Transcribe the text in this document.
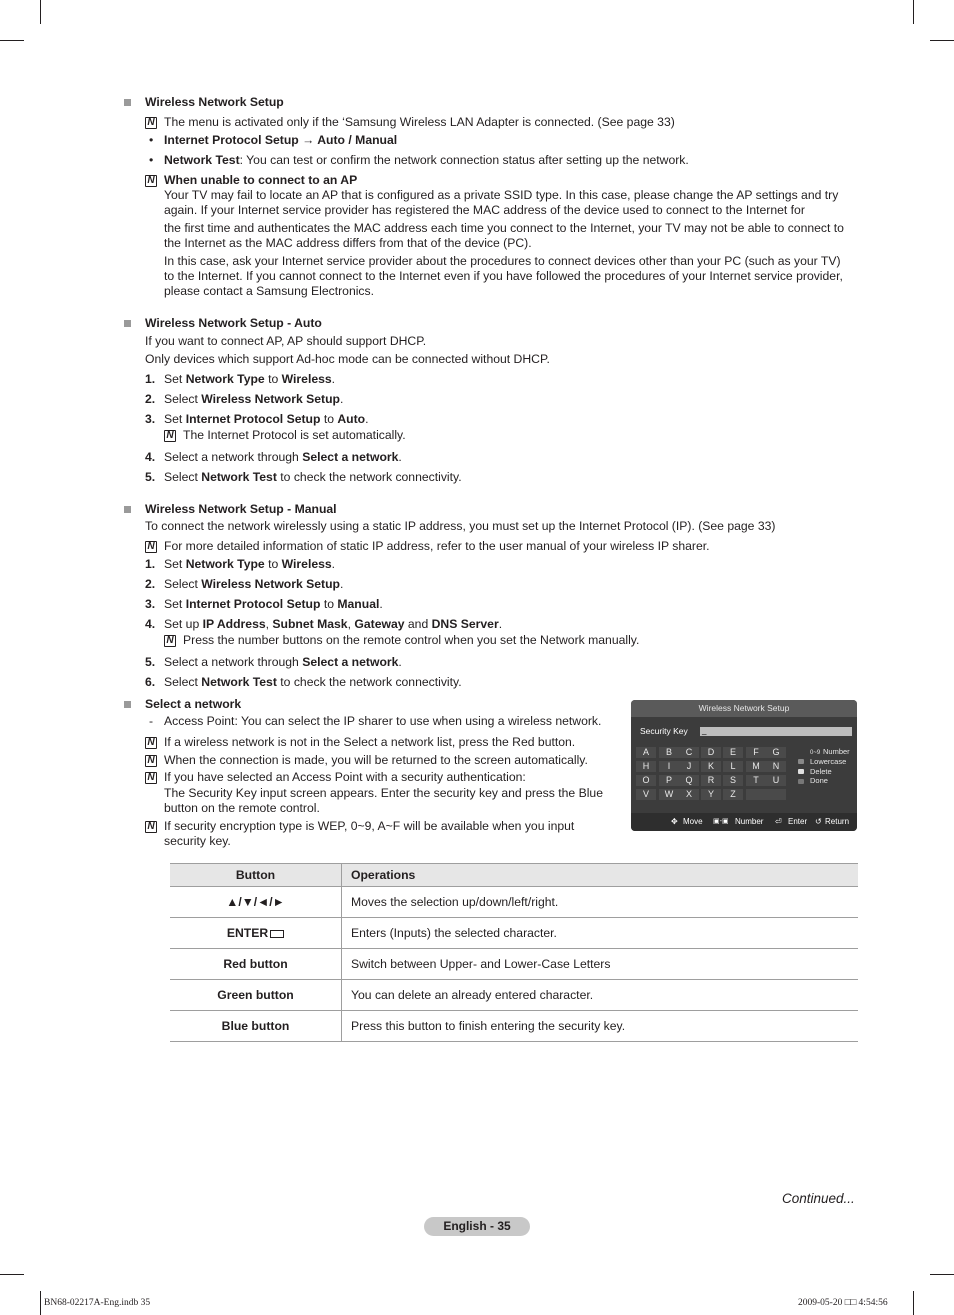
Wireless Network Setup
N The menu is activated only if the ‘Samsung Wireless LAN Adapter is connected. (See page 33)
• Internet Protocol Setup → Auto / Manual
• Network Test: You can test or confirm the network connection status after setting up the network.
N When unable to connect to an AP
Your TV may fail to locate an AP that is configured as a private SSID type. In this case, please change the AP settings and try
again. If your Internet service provider has registered the MAC address of the device used to connect to the Internet for
the first time and authenticates the MAC address each time you connect to the Internet, your TV may not be able to connect to
the Internet as the MAC address differs from that of the device (PC).
In this case, ask your Internet service provider about the procedures to connect devices other than your PC (such as your TV)
to the Internet. If you cannot connect to the Internet even if you have followed the procedures of your Internet service provider,
please contact a Samsung Electronics.
Wireless Network Setup - Auto
If you want to connect AP, AP should support DHCP.
Only devices which support Ad-hoc mode can be connected without DHCP.
1. Set Network Type to Wireless.
2. Select Wireless Network Setup.
3. Set Internet Protocol Setup to Auto.
N The Internet Protocol is set automatically.
4. Select a network through Select a network.
5. Select Network Test to check the network connectivity.
Wireless Network Setup - Manual
To connect the network wirelessly using a static IP address, you must set up the Internet Protocol (IP). (See page 33)
N For more detailed information of static IP address, refer to the user manual of your wireless IP sharer.
1. Set Network Type to Wireless.
2. Select Wireless Network Setup.
3. Set Internet Protocol Setup to Manual.
4. Set up IP Address, Subnet Mask, Gateway and DNS Server.
N Press the number buttons on the remote control when you set the Network manually.
5. Select a network through Select a network.
6. Select Network Test to check the network connectivity.
Select a network
- Access Point: You can select the IP sharer to use when using a wireless network.
N If a wireless network is not in the Select a network list, press the Red button.
N When the connection is made, you will be returned to the screen automatically.
N If you have selected an Access Point with a security authentication:
The Security Key input screen appears. Enter the security key and press the Blue
button on the remote control.
N If security encryption type is WEP, 0~9, A~F will be available when you input
security key.
Wireless Network Setup
Security Key _
A	B	C	D	E	F	G
H	I	J	K	L	M	N
O	P	Q	R	S	T	U
V	W	X	Y	Z
0~9 Number
Lowercase
Delete
Done
✥ Move ▣-▣ Number ⏎ Enter ↺ Return
Button	Operations
▲/▼/◄/►	Moves the selection up/down/left/right.
ENTER	Enters (Inputs) the selected character.
Red button	Switch between Upper- and Lower-Case Letters
Green button	You can delete an already entered character.
Blue button	Press this button to finish entering the security key.
Continued...
English - 35
BN68-02217A-Eng.indb 35	2009-05-20 □□ 4:54:56
